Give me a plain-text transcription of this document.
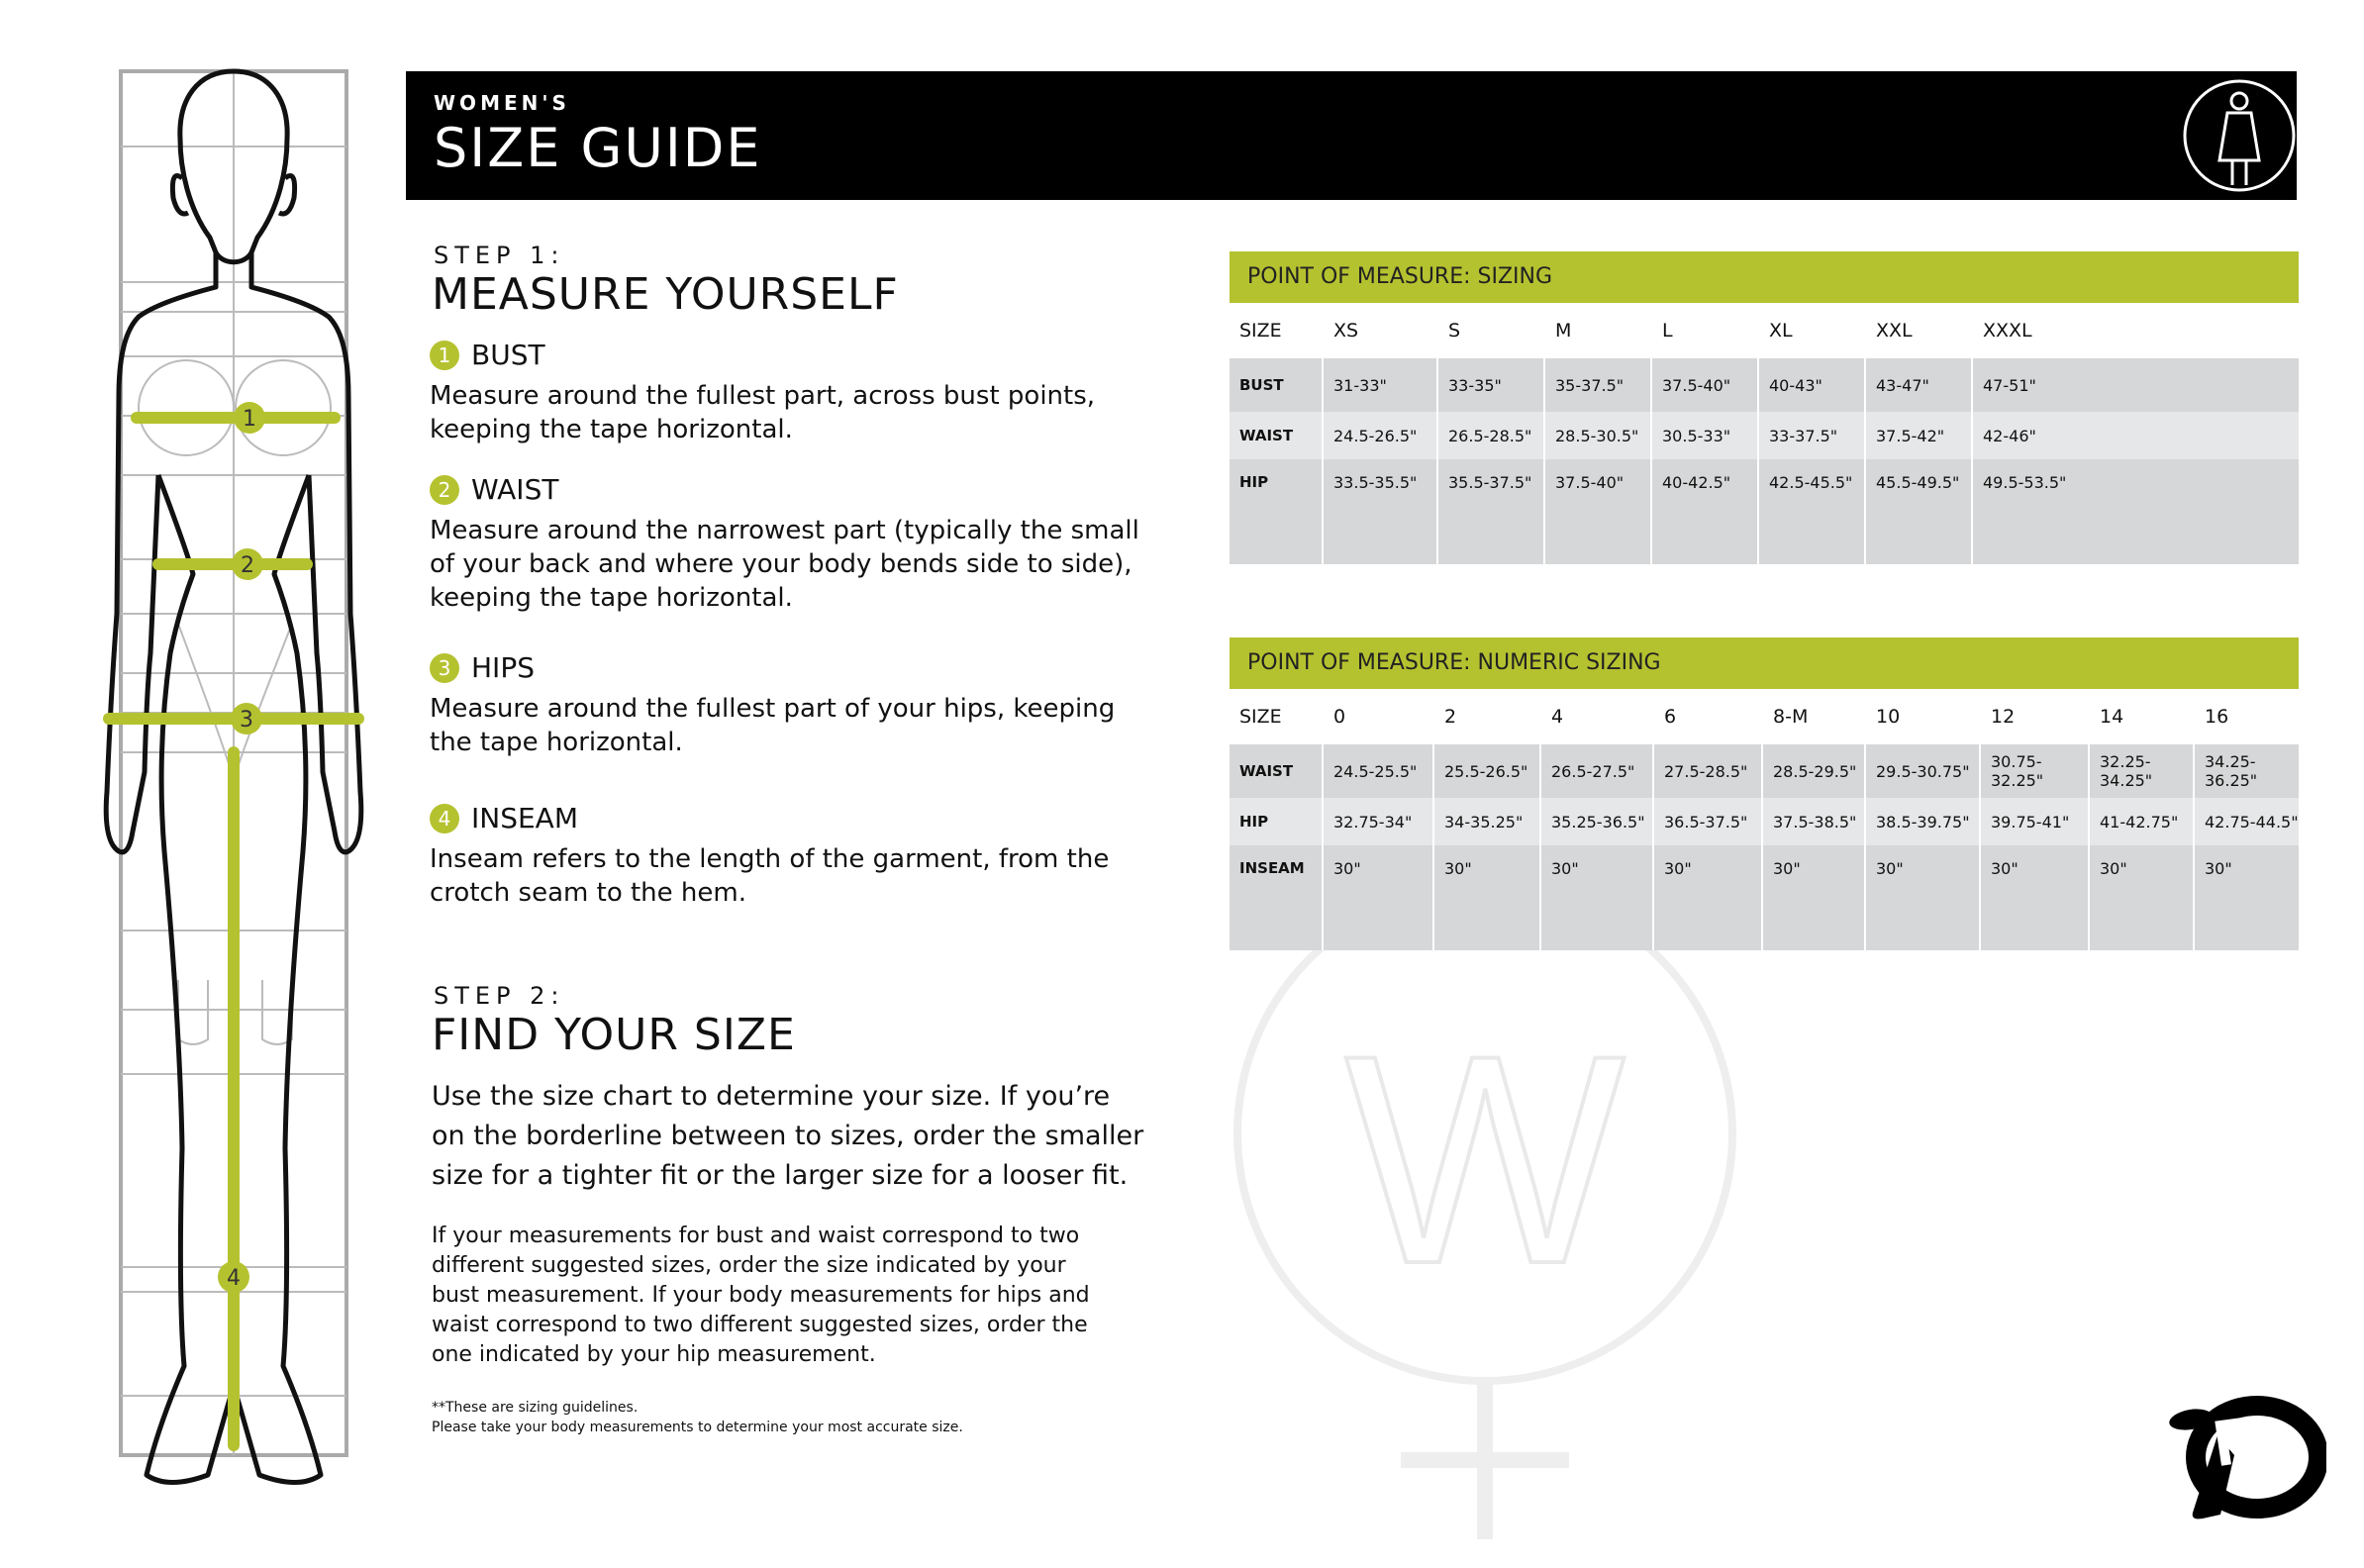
W
1
2
3
4
WOMEN'S
SIZE GUIDE
STEP 1:
MEASURE YOURSELF
1 BUST
Measure around the fullest part, across bust points, keeping the tape horizontal.
2 WAIST
Measure around the narrowest part (typically the small of your back and where your body bends side to side), keeping the tape horizontal.
3 HIPS
Measure around the fullest part of your hips, keeping the tape horizontal.
4 INSEAM
Inseam refers to the length of the garment, from the crotch seam to the hem.
STEP 2:
FIND YOUR SIZE
Use the size chart to determine your size. If you’re on the borderline between to sizes, order the smaller size for a tighter fit or the larger size for a looser fit.
If your measurements for bust and waist correspond to two different suggested sizes, order the size indicated by your bust measurement. If your body measurements for hips and waist correspond to two different suggested sizes, order the one indicated by your hip measurement.
**These are sizing guidelines.
Please take your body measurements to determine your most accurate size.
POINT OF MEASURE: SIZING
SIZE	XS	S	M	L	XL	XXL	XXXL
BUST	31-33"	33-35"	35-37.5"	37.5-40"	40-43"	43-47"	47-51"
WAIST	24.5-26.5"	26.5-28.5"	28.5-30.5"	30.5-33"	33-37.5"	37.5-42"	42-46"
HIP	33.5-35.5"	35.5-37.5"	37.5-40"	40-42.5"	42.5-45.5"	45.5-49.5"	49.5-53.5"
POINT OF MEASURE: NUMERIC SIZING
SIZE	0	2	4	6	8-M	10	12	14	16
WAIST	24.5-25.5"	25.5-26.5"	26.5-27.5"	27.5-28.5"	28.5-29.5"	29.5-30.75"	30.75-32.25"	32.25-34.25"	34.25-36.25"
HIP	32.75-34"	34-35.25"	35.25-36.5"	36.5-37.5"	37.5-38.5"	38.5-39.75"	39.75-41"	41-42.75"	42.75-44.5"
INSEAM	30"	30"	30"	30"	30"	30"	30"	30"	30"
